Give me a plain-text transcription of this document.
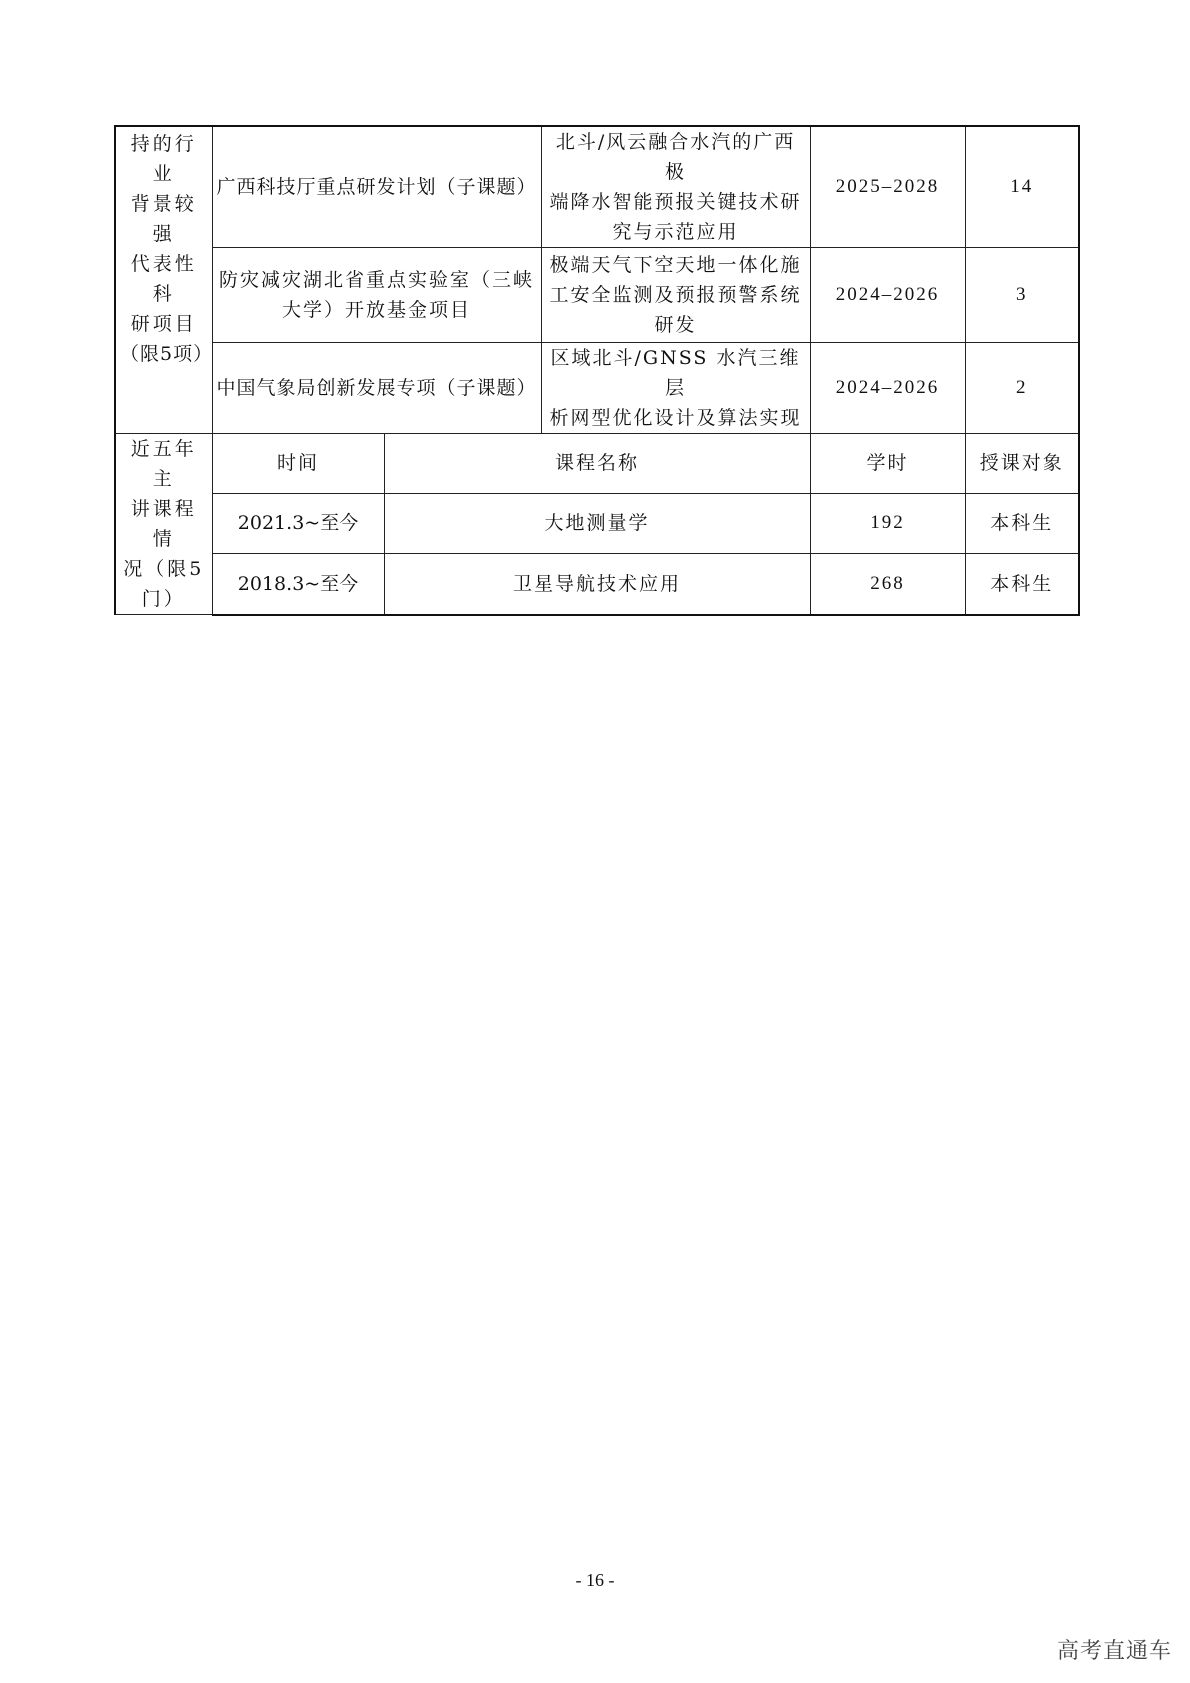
持的行业
背景较强
代表性科
研项目
（限5项）	广西科技厅重点研发计划（子课题）		北斗/风云融合水汽的广西极
端降水智能预报关键技术研
究与示范应用	2025–2028	14

	防灾减灾湖北省重点实验室（三峡
大学）开放基金项目		极端天气下空天地一体化施
工安全监测及预报预警系统
研发	2024–2026	3
	中国气象局创新发展专项（子课题）		区域北斗/GNSS 水汽三维层
析网型优化设计及算法实现	2024–2026	2

近五年主
讲课程情
况（限5
门）	时间	课程名称		学时	授课对象
	2021.3~至今	大地测量学		192	本科生
	2018.3~至今	卫星导航技术应用		268	本科生
- 16 -
高考直通车
